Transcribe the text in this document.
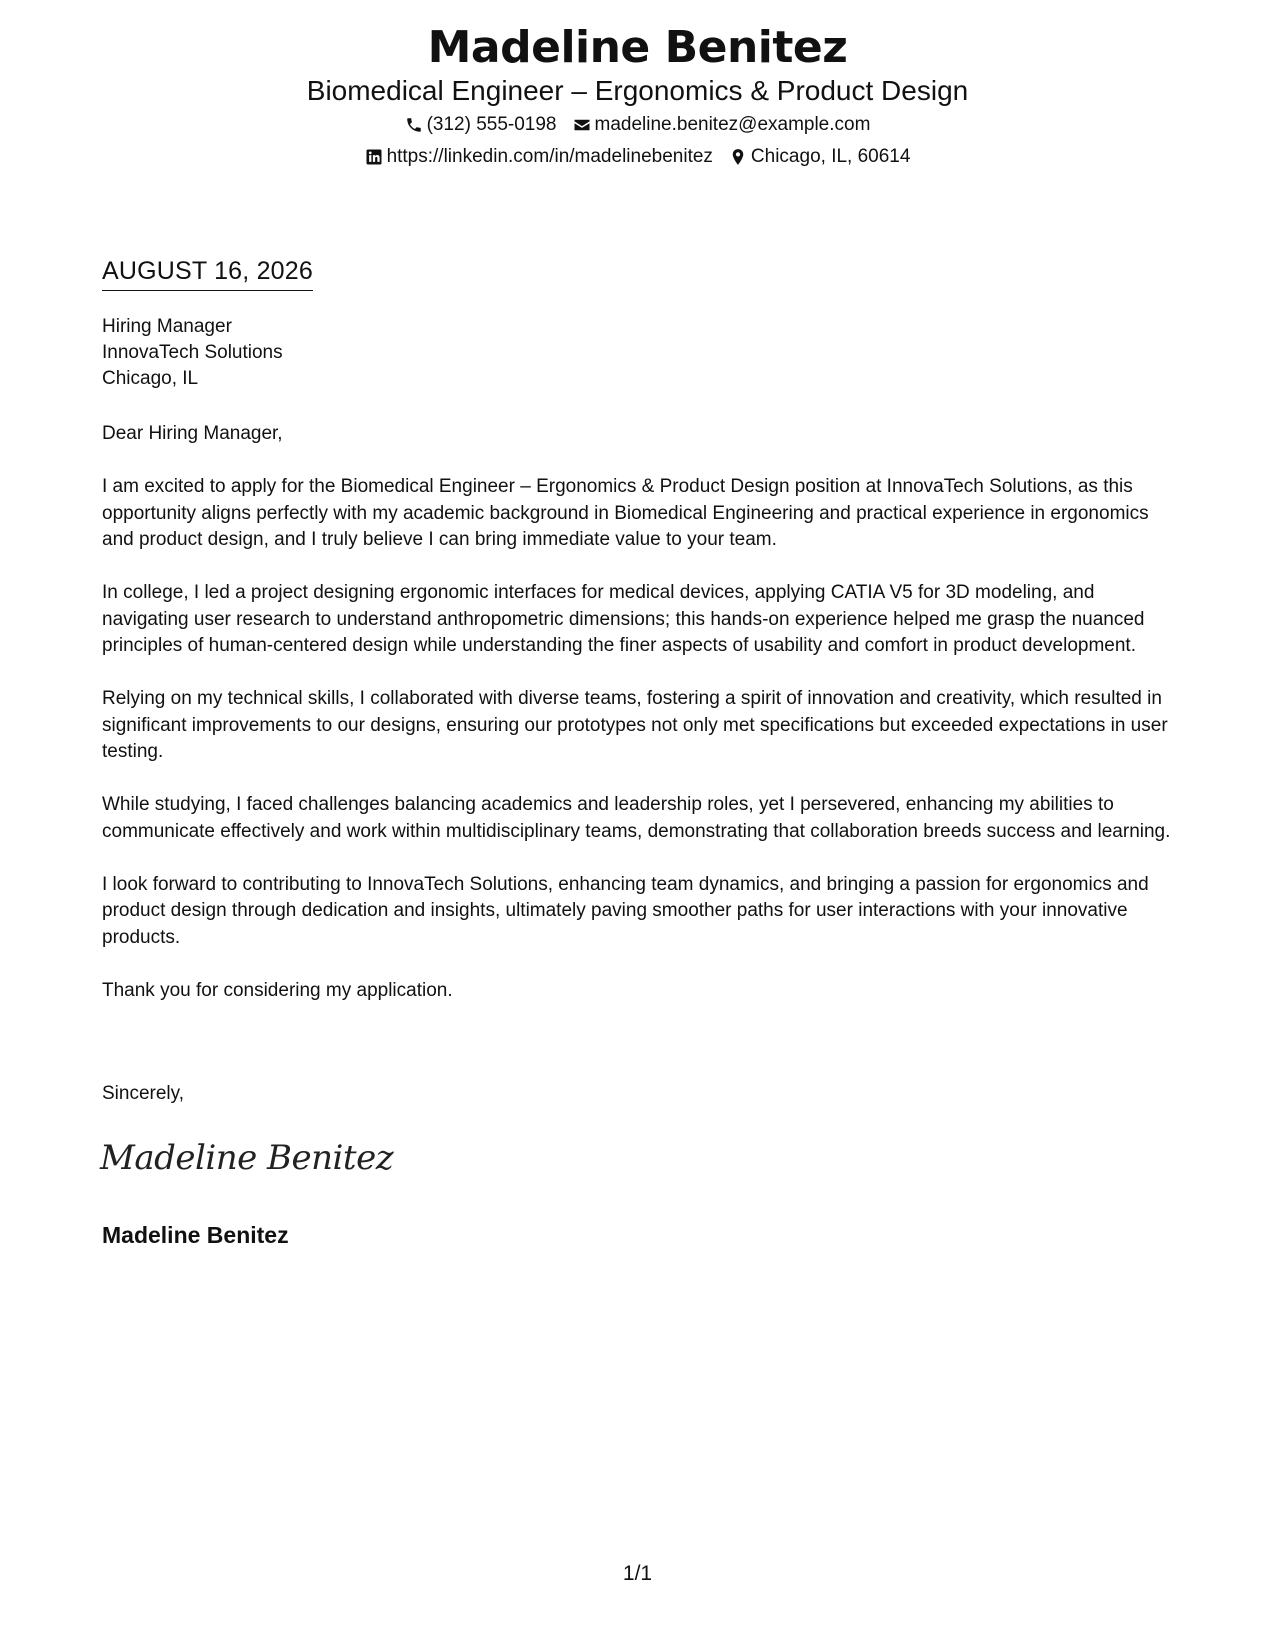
Madeline Benitez
Biomedical Engineer – Ergonomics & Product Design
(312) 555-0198 madeline.benitez@example.com
https://linkedin.com/in/madelinebenitez Chicago, IL, 60614
AUGUST 16, 2026
Hiring Manager
InnovaTech Solutions
Chicago, IL

Dear Hiring Manager,

I am excited to apply for the Biomedical Engineer – Ergonomics & Product Design position at InnovaTech Solutions, as this opportunity aligns perfectly with my academic background in Biomedical Engineering and practical experience in ergonomics and product design, and I truly believe I can bring immediate value to your team.

In college, I led a project designing ergonomic interfaces for medical devices, applying CATIA V5 for 3D modeling, and navigating user research to understand anthropometric dimensions; this hands-on experience helped me grasp the nuanced principles of human-centered design while understanding the finer aspects of usability and comfort in product development.

Relying on my technical skills, I collaborated with diverse teams, fostering a spirit of innovation and creativity, which resulted in significant improvements to our designs, ensuring our prototypes not only met specifications but exceeded expectations in user testing.

While studying, I faced challenges balancing academics and leadership roles, yet I persevered, enhancing my abilities to communicate effectively and work within multidisciplinary teams, demonstrating that collaboration breeds success and learning.

I look forward to contributing to InnovaTech Solutions, enhancing team dynamics, and bringing a passion for ergonomics and product design through dedication and insights, ultimately paving smoother paths for user interactions with your innovative products.

Thank you for considering my application.

Sincerely,
Madeline Benitez
Madeline Benitez
1/1
